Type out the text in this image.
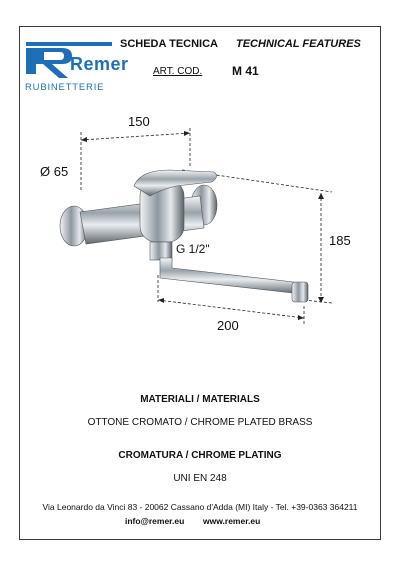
Remer
RUBINETTERIE
SCHEDA TECNICA TECHNICAL FEATURES
ART. COD. M 41
150
Ø 65
185
G 1/2"
200
MATERIALI / MATERIALS
OTTONE CROMATO / CHROME PLATED BRASS
CROMATURA / CHROME PLATING
UNI EN 248
Via Leonardo da Vinci 83 - 20062 Cassano d'Adda (MI) Italy - Tel. +39-0363 364211
info@remer.eu www.remer.eu
